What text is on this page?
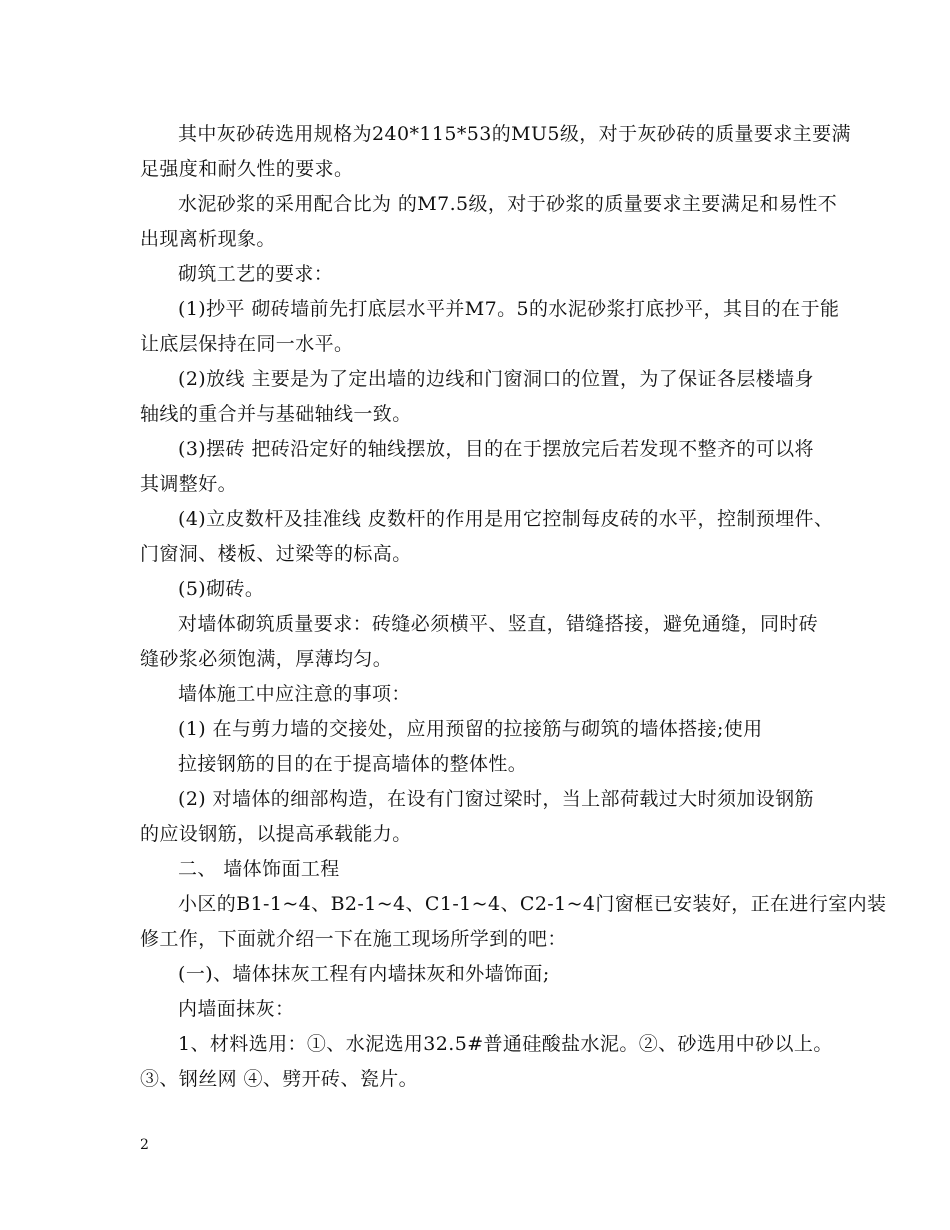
其中灰砂砖选用规格为240*115*53的MU5级，对于灰砂砖的质量要求主要满
足强度和耐久性的要求。
水泥砂浆的采用配合比为 的M7.5级，对于砂浆的质量要求主要满足和易性不
出现离析现象。
砌筑工艺的要求：
(1)抄平 砌砖墙前先打底层水平并M7。5的水泥砂浆打底抄平，其目的在于能
让底层保持在同一水平。
(2)放线 主要是为了定出墙的边线和门窗洞口的位置，为了保证各层楼墙身
轴线的重合并与基础轴线一致。
(3)摆砖 把砖沿定好的轴线摆放，目的在于摆放完后若发现不整齐的可以将
其调整好。
(4)立皮数杆及挂准线 皮数杆的作用是用它控制每皮砖的水平，控制预埋件、
门窗洞、楼板、过梁等的标高。
(5)砌砖。
对墙体砌筑质量要求：砖缝必须横平、竖直，错缝搭接，避免通缝，同时砖
缝砂浆必须饱满，厚薄均匀。
墙体施工中应注意的事项：
(1) 在与剪力墙的交接处，应用预留的拉接筋与砌筑的墙体搭接;使用
拉接钢筋的目的在于提高墙体的整体性。
(2) 对墙体的细部构造，在设有门窗过梁时，当上部荷载过大时须加设钢筋
的应设钢筋，以提高承载能力。
二、 墙体饰面工程
小区的B1-1~4、B2-1~4、C1-1~4、C2-1~4门窗框已安装好，正在进行室内装
修工作，下面就介绍一下在施工现场所学到的吧：
(一)、墙体抹灰工程有内墙抹灰和外墙饰面;
内墙面抹灰：
1、材料选用：①、水泥选用32.5#普通硅酸盐水泥。②、砂选用中砂以上。
③、钢丝网 ④、劈开砖、瓷片。
2
